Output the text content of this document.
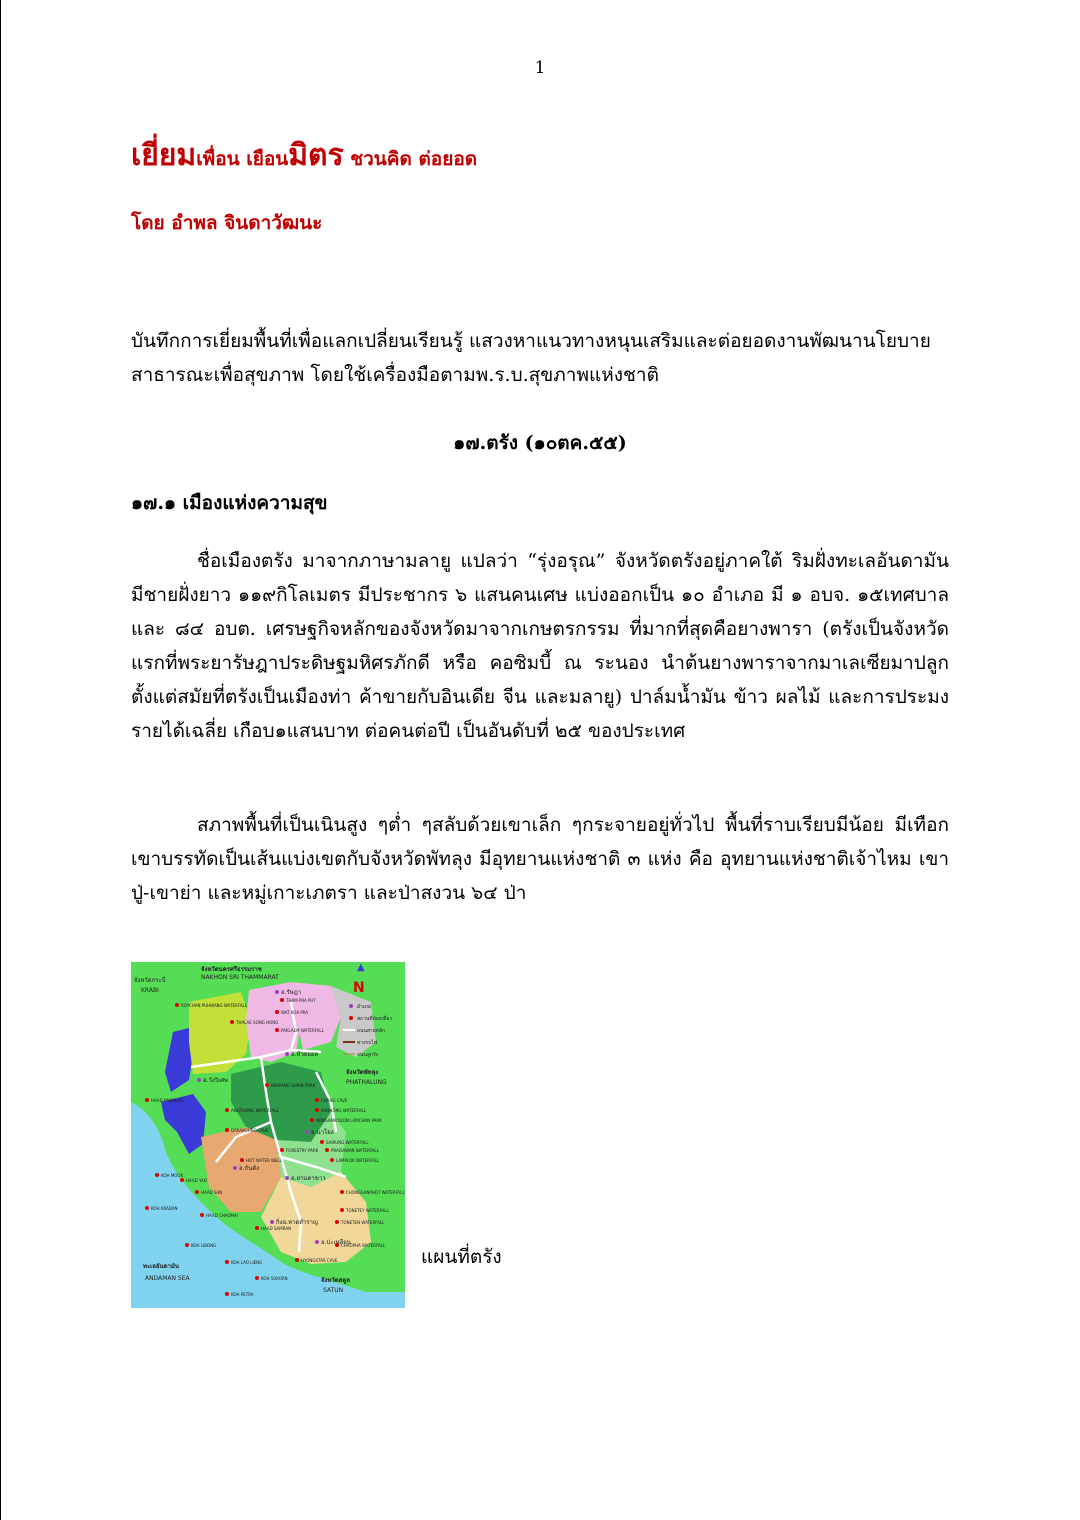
1
เยี่ยมเพื่อน เยือนมิตร ชวนคิด ต่อยอด
โดย อำพล จินดาวัฒนะ
บันทึกการเยี่ยมพื้นที่เพื่อแลกเปลี่ยนเรียนรู้ แสวงหาแนวทางหนุนเสริมและต่อยอดงานพัฒนานโยบายสาธารณะเพื่อสุขภาพ โดยใช้เครื่องมือตามพ.ร.บ.สุขภาพแห่งชาติ
๑๗.ตรัง (๑๐ตค.๕๕)
๑๗.๑ เมืองแห่งความสุข
ชื่อเมืองตรัง มาจากภาษามลายู แปลว่า “รุ่งอรุณ” จังหวัดตรังอยู่ภาคใต้ ริมฝั่งทะเลอันดามัน มีชายฝั่งยาว ๑๑๙กิโลเมตร มีประชากร ๖ แสนคนเศษ แบ่งออกเป็น ๑๐ อำเภอ มี ๑ อบจ. ๑๕เทศบาล และ ๘๔ อบต. เศรษฐกิจหลักของจังหวัดมาจากเกษตรกรรม ที่มากที่สุดคือยางพารา (ตรังเป็นจังหวัดแรกที่พระยารัษฎาประดิษฐมหิศรภักดี หรือ คอซิมบี้ ณ ระนอง นำต้นยางพาราจากมาเลเซียมาปลูกตั้งแต่สมัยที่ตรังเป็นเมืองท่า ค้าขายกับอินเดีย จีน และมลายู) ปาล์มน้ำมัน ข้าว ผลไม้ และการประมง รายได้เฉลี่ย เกือบ๑แสนบาท ต่อคนต่อปี เป็นอันดับที่ ๒๕ ของประเทศ
สภาพพื้นที่เป็นเนินสูง ๆต่ำ ๆสลับด้วยเขาเล็ก ๆกระจายอยู่ทั่วไป พื้นที่ราบเรียบมีน้อย มีเทือกเขาบรรทัดเป็นเส้นแบ่งเขตกับจังหวัดพัทลุง มีอุทยานแห่งชาติ ๓ แห่ง คือ อุทยานแห่งชาติเจ้าไหม เขาปู่-เขาย่า และหมู่เกาะเภตรา และป่าสงวน ๖๔ ป่า
▲
N
จังหวัดนครศรีธรรมราช
NAKHON SRI THAMMARAT
จังหวัดกระบี่
KRABI
จังหวัดพัทลุง
PHATHALUNG
ทะเลอันดามัน
ANDAMAN SEA	จังหวัดสตูล
SATUN
อำเภอ
สถานที่ท่องเที่ยว
ถนนสายหลัก
ทางรถไฟ
ถนนลูกรัง
PAKLAEM WATERFALL
THAM PRA PUT
WAT KOA PRA
THALAE SONG HONG
ROYCHAN PUHWANG WATERFALL
KRAPANG SURIN PARK
CHANG CAVE
KAOHONG WATERFALL
NONSAMKOILON LAMCHAN PARK
SAIRUNG WATERFALL
PRAISAWAN WATERFALL
LAMPLOK WATERFALL
CHONGSANPHOT WATERFALL
TONETEY WATERFALL
TONETEN WATERFALL
CHAOPHA WATERFALL
HYONGSTAR CAVE
FORESTRY PARK
HOT WATER WELL
KOH MOOK
HAAD YAO
HAAD SAN
KOH KRADAN
HAAD CHAOMAI
HAAD SAMRAN
KOH LIBONG
KOH LAO LIENG
KOH SUKORN
KOH PETRA
HAAD PAKMENG
ANGTHONG WATERFALL
DARAKOHNG CAVE
อ.รัษฎา
อ.ห้วยยอด
อ.วังวิเศษ
อ.นาโยง
อ.กันตัง
อ.ย่านตาขาว
อ.ปะเหลียน
กิ่งอ.หาดสำราญ
แผนที่ตรัง
